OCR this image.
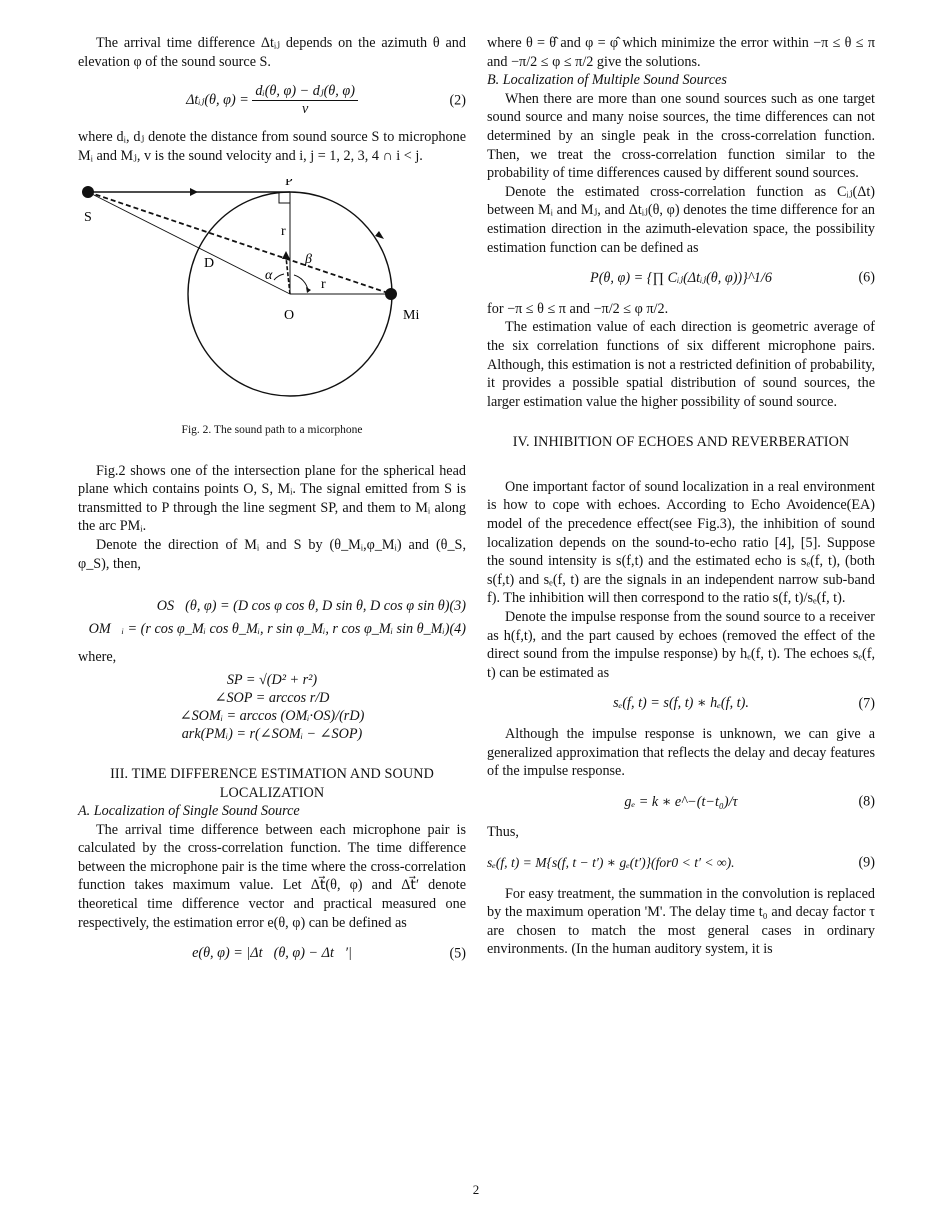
The arrival time difference Δtᵢⱼ depends on the azimuth θ and elevation φ of the sound source S.

Δtᵢⱼ(θ, $\varphi) = \frac{\text{dᵢ(θ, φ) − dⱼ(θ, φ)}}{v}$	(2)

where dᵢ, dⱼ denote the distance from sound source S to microphone Mᵢ and Mⱼ, v is the sound velocity and i, j = 1, 2, 3, 4 ∩ i < j.

P
S
D
α
β
r
r
O	Mi

Fig. 2. The sound path to a micorphone

Fig.2 shows one of the intersection plane for the spherical head plane which contains points O, S, Mᵢ. The signal emitted from S is transmitted to P through the line segment SP, and them to Mᵢ along the arc PMᵢ.

Denote the direction of Mᵢ and S by (θ_Mᵢ,φ_Mᵢ) and (θ_S, φ_S), then,

OS⃗(θ, φ) = (D cos φ cos θ, D sin θ, D cos φ sin θ)(3)
OM⃗ᵢ = (r cos φ_Mᵢ cos θ_Mᵢ, r sin φ_Mᵢ, r cos φ_Mᵢ sin θ_Mᵢ)(4)

where,

SP = √(D² + r²)
∠SOP = arccos r/D
∠SOMᵢ = arccos (OMᵢ·OS)/(rD)
ark(PMᵢ) = r(∠SOMᵢ − ∠SOP)
III. TIME DIFFERENCE ESTIMATION AND SOUND LOCALIZATION

A. Localization of Single Sound Source

The arrival time difference between each microphone pair is calculated by the cross-correlation function. The time difference between the microphone pair is the time where the cross-correlation function takes maximum value. Let Δt⃗(θ, φ) and Δt⃗′ denote theoretical time difference vector and practical measured one respectively, the estimation error e(θ, φ) can be defined as

e(θ, φ) = |Δt⃗(θ, φ) − Δt⃗′|	(5)

where θ = θ̂ and φ = φ̂ which minimize the error within −π ≤ θ ≤ π and −π/2 ≤ φ ≤ π/2 give the solutions.

B. Localization of Multiple Sound Sources

When there are more than one sound sources such as one target sound source and many noise sources, the time differences can not determined by an single peak in the cross-correlation function. Then, we treat the cross-correlation function similar to the probability of time differences caused by different sound sources.

Denote the estimated cross-correlation function as Cᵢⱼ(Δt) between Mᵢ and Mⱼ, and Δtᵢⱼ(θ, φ) denotes the time difference for an estimation direction in the azimuth-elevation space, the possibility estimation function can be defined as

P(θ, φ) = {∏ Cᵢⱼ(Δtᵢⱼ(θ, φ))}^1/6	(6)

for −π ≤ θ ≤ π and −π/2 ≤ φ π/2.

The estimation value of each direction is geometric average of the six correlation functions of six different microphone pairs. Although, this estimation is not a restricted definition of probability, it provides a possible spatial distribution of sound sources, the larger estimation value the higher possibility of sound source.

IV. INHIBITION OF ECHOES AND REVERBERATION

One important factor of sound localization in a real environment is how to cope with echoes. According to Echo Avoidence(EA) model of the precedence effect(see Fig.3), the inhibition of sound localization depends on the sound-to-echo ratio [4], [5]. Suppose the sound intensity is s(f,t) and the estimated echo is sₑ(f, t), (both s(f,t) and sₑ(f, t) are the signals in an independent narrow sub-band f). The inhibition will then correspond to the ratio s(f, t)/sₑ(f, t).

Denote the impulse response from the sound source to a receiver as h(f,t), and the part caused by echoes (removed the effect of the direct sound from the impulse response) by hₑ(f, t). The echoes sₑ(f, t) can be estimated as

sₑ(f, t) = s(f, t) ∗ hₑ(f, t).	(7)

Although the impulse response is unknown, we can give a generalized approximation that reflects the delay and decay features of the impulse response.

gₑ = k ∗ e^−(t−t₀)/τ	(8)

Thus,

sₑ(f, t) = M{s(f, t − t′) ∗ gₑ(t′)}(for0 < t′ < ∞).	(9)

For easy treatment, the summation in the convolution is replaced by the maximum operation 'M'. The delay time t₀ and decay factor τ are chosen to match the most general cases in ordinary environments. (In the human auditory system, it is

2
